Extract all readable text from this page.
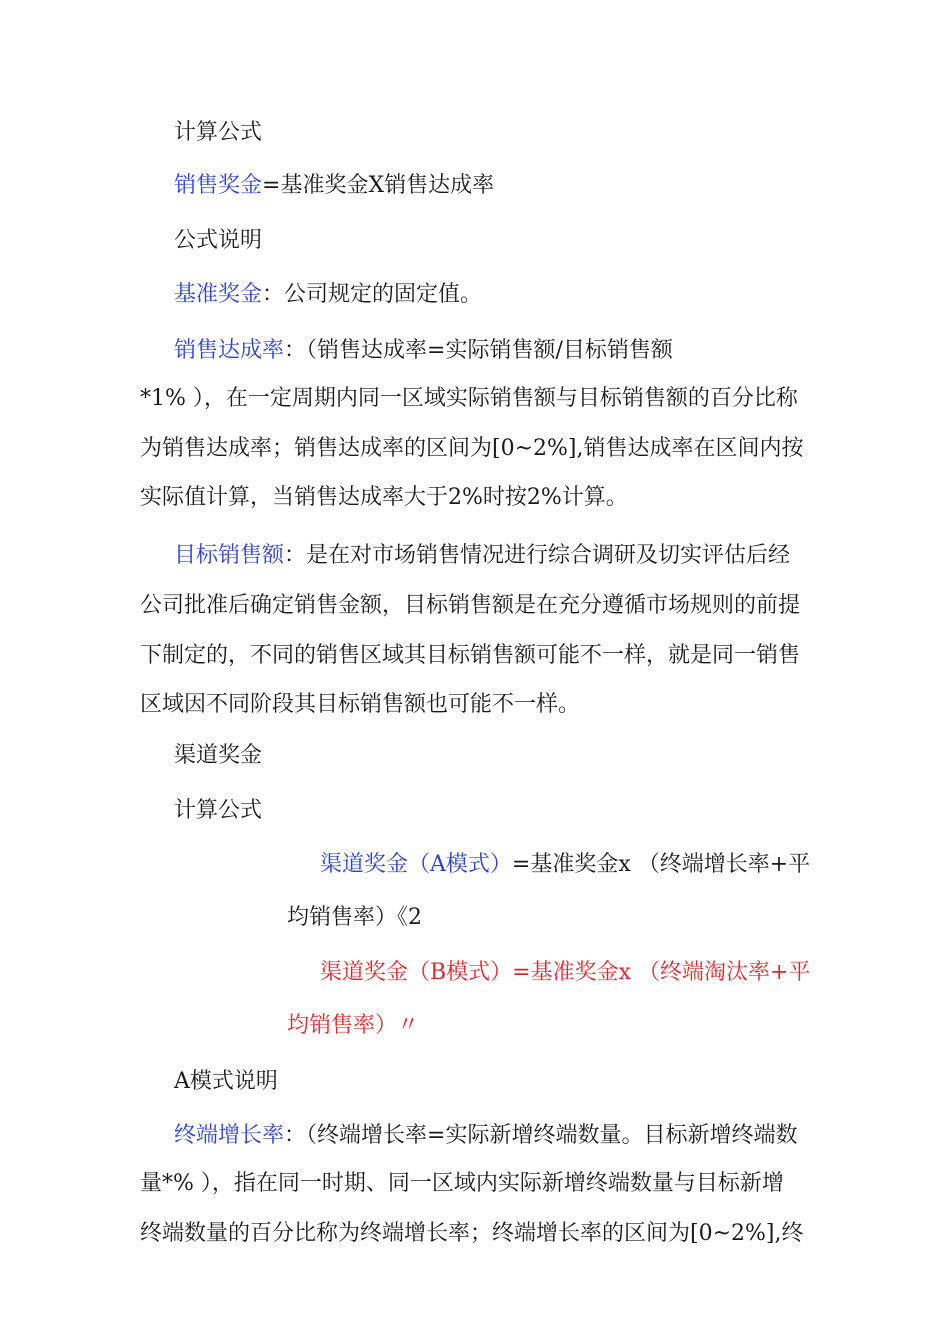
计算公式
销售奖金=基准奖金X销售达成率
公式说明
基准奖金：公司规定的固定值。
销售达成率：（销售达成率=实际销售额/目标销售额
*1% ），在一定周期内同一区域实际销售额与目标销售额的百分比称
为销售达成率；销售达成率的区间为[0~2%],销售达成率在区间内按
实际值计算，当销售达成率大于2%时按2%计算。
目标销售额：是在对市场销售情况进行综合调研及切实评估后经
公司批准后确定销售金额，目标销售额是在充分遵循市场规则的前提
下制定的，不同的销售区域其目标销售额可能不一样，就是同一销售
区域因不同阶段其目标销售额也可能不一样。
渠道奖金
计算公式
渠道奖金（A模式）=基准奖金x （终端增长率+平
均销售率）《2
渠道奖金（B模式）=基准奖金x （终端淘汰率+平
均销售率）〃
A模式说明
终端增长率：（终端增长率=实际新增终端数量。目标新增终端数
量*% ），指在同一时期、同一区域内实际新增终端数量与目标新增
终端数量的百分比称为终端增长率；终端增长率的区间为[0~2%],终
